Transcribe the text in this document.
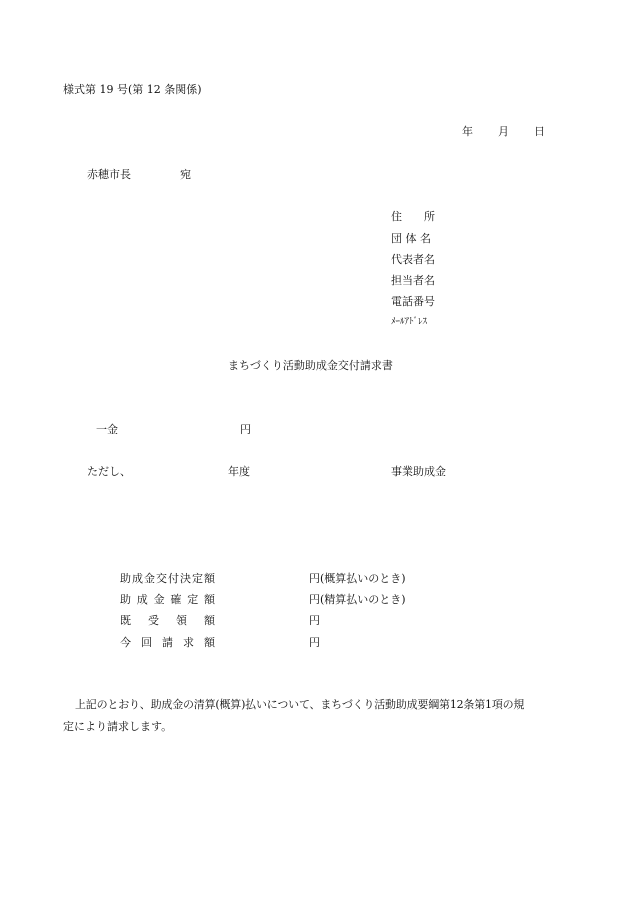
様式第 19 号(第 12 条関係)
年 月 日
赤穂市長	宛
住　　所
団 体 名
代表者名
担当者名
電話番号
ﾒｰﾙｱﾄﾞﾚｽ
まちづくり活動助成金交付請求書
一金	円
ただし、	年度	事業助成金
助 成 金 交 付 決 定 額	円(概算払いのとき)
助 成 金 確 定 額	円(精算払いのとき)
既 受 領 額	円
今 回 請 求 額	円
上記のとおり、助成金の清算(概算)払いについて、まちづくり活動助成要綱第12条第1項の規
定により請求します。
